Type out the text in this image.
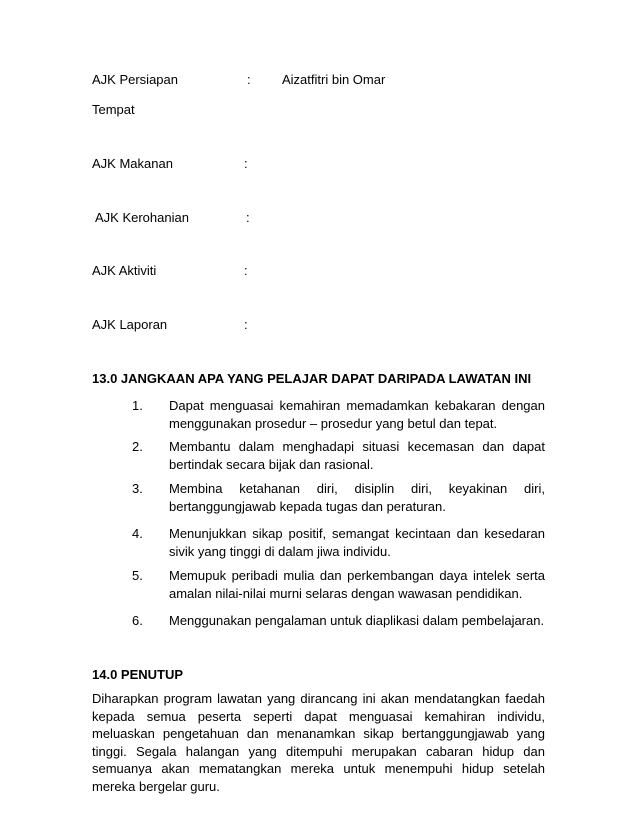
AJK Persiapan	: Aizatfitri bin Omar
Tempat
AJK Makanan	:
AJK Kerohanian	:
AJK Aktiviti	:
AJK Laporan	:
13.0 JANGKAAN APA YANG PELAJAR DAPAT DARIPADA LAWATAN INI
1. Dapat menguasai kemahiran memadamkan kebakaran dengan menggunakan prosedur – prosedur yang betul dan tepat.
2. Membantu dalam menghadapi situasi kecemasan dan dapat bertindak secara bijak dan rasional.
3. Membina ketahanan diri, disiplin diri, keyakinan diri, bertanggungjawab kepada tugas dan peraturan.
4. Menunjukkan sikap positif, semangat kecintaan dan kesedaran sivik yang tinggi di dalam jiwa individu.
5. Memupuk peribadi mulia dan perkembangan daya intelek serta amalan nilai-nilai murni selaras dengan wawasan pendidikan.
6. Menggunakan pengalaman untuk diaplikasi dalam pembelajaran.
14.0 PENUTUP
Diharapkan program lawatan yang dirancang ini akan mendatangkan faedah kepada semua peserta seperti dapat menguasai kemahiran individu, meluaskan pengetahuan dan menanamkan sikap bertanggungjawab yang tinggi. Segala halangan yang ditempuhi merupakan cabaran hidup dan semuanya akan mematangkan mereka untuk menempuhi hidup setelah mereka bergelar guru.
